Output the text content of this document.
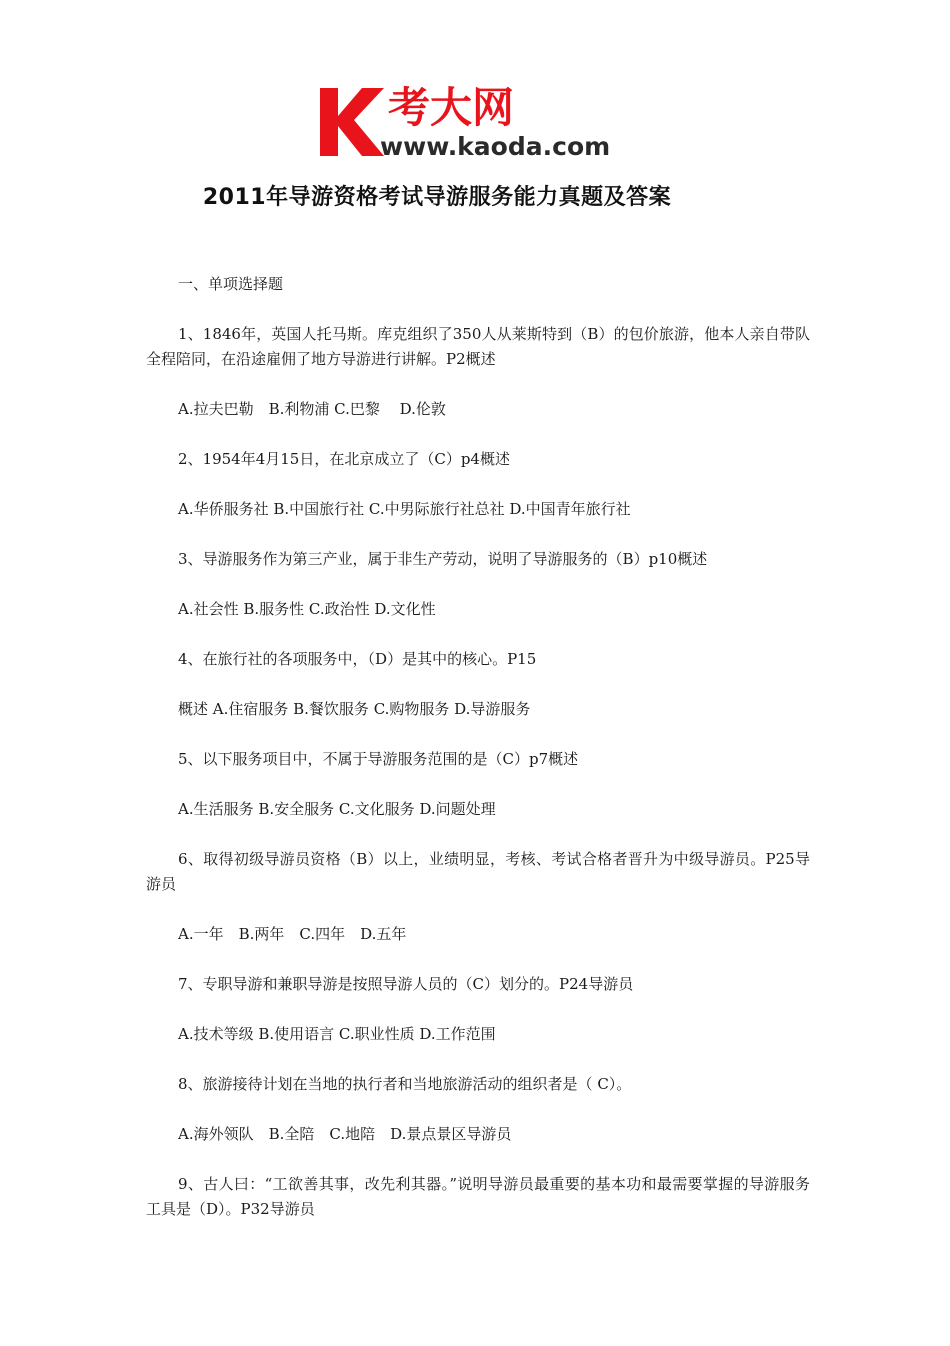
考大网
www.kaoda.com
2011年导游资格考试导游服务能力真题及答案

一、单项选择题

1、1846年，英国人托马斯。库克组织了350人从莱斯特到（B）的包价旅游，他本人亲自带队全程陪同，在沿途雇佣了地方导游进行讲解。P2概述

A.拉夫巴勒　B.利物浦 C.巴黎　 D.伦敦

2、1954年4月15日，在北京成立了（C）p4概述

A.华侨服务社 B.中国旅行社 C.中男际旅行社总社 D.中国青年旅行社

3、导游服务作为第三产业，属于非生产劳动，说明了导游服务的（B）p10概述

A.社会性 B.服务性 C.政治性 D.文化性

4、在旅行社的各项服务中，（D）是其中的核心。P15

概述 A.住宿服务 B.餐饮服务 C.购物服务 D.导游服务

5、以下服务项目中，不属于导游服务范围的是（C）p7概述

A.生活服务 B.安全服务 C.文化服务 D.问题处理

6、取得初级导游员资格（B）以上，业绩明显，考核、考试合格者晋升为中级导游员。P25导游员

A.一年　B.两年　C.四年　D.五年

7、专职导游和兼职导游是按照导游人员的（C）划分的。P24导游员

A.技术等级 B.使用语言 C.职业性质 D.工作范围

8、旅游接待计划在当地的执行者和当地旅游活动的组织者是（ C）。

A.海外领队　B.全陪　C.地陪　D.景点景区导游员

9、古人曰：“工欲善其事，改先利其器。”说明导游员最重要的基本功和最需要掌握的导游服务工具是（D）。P32导游员
